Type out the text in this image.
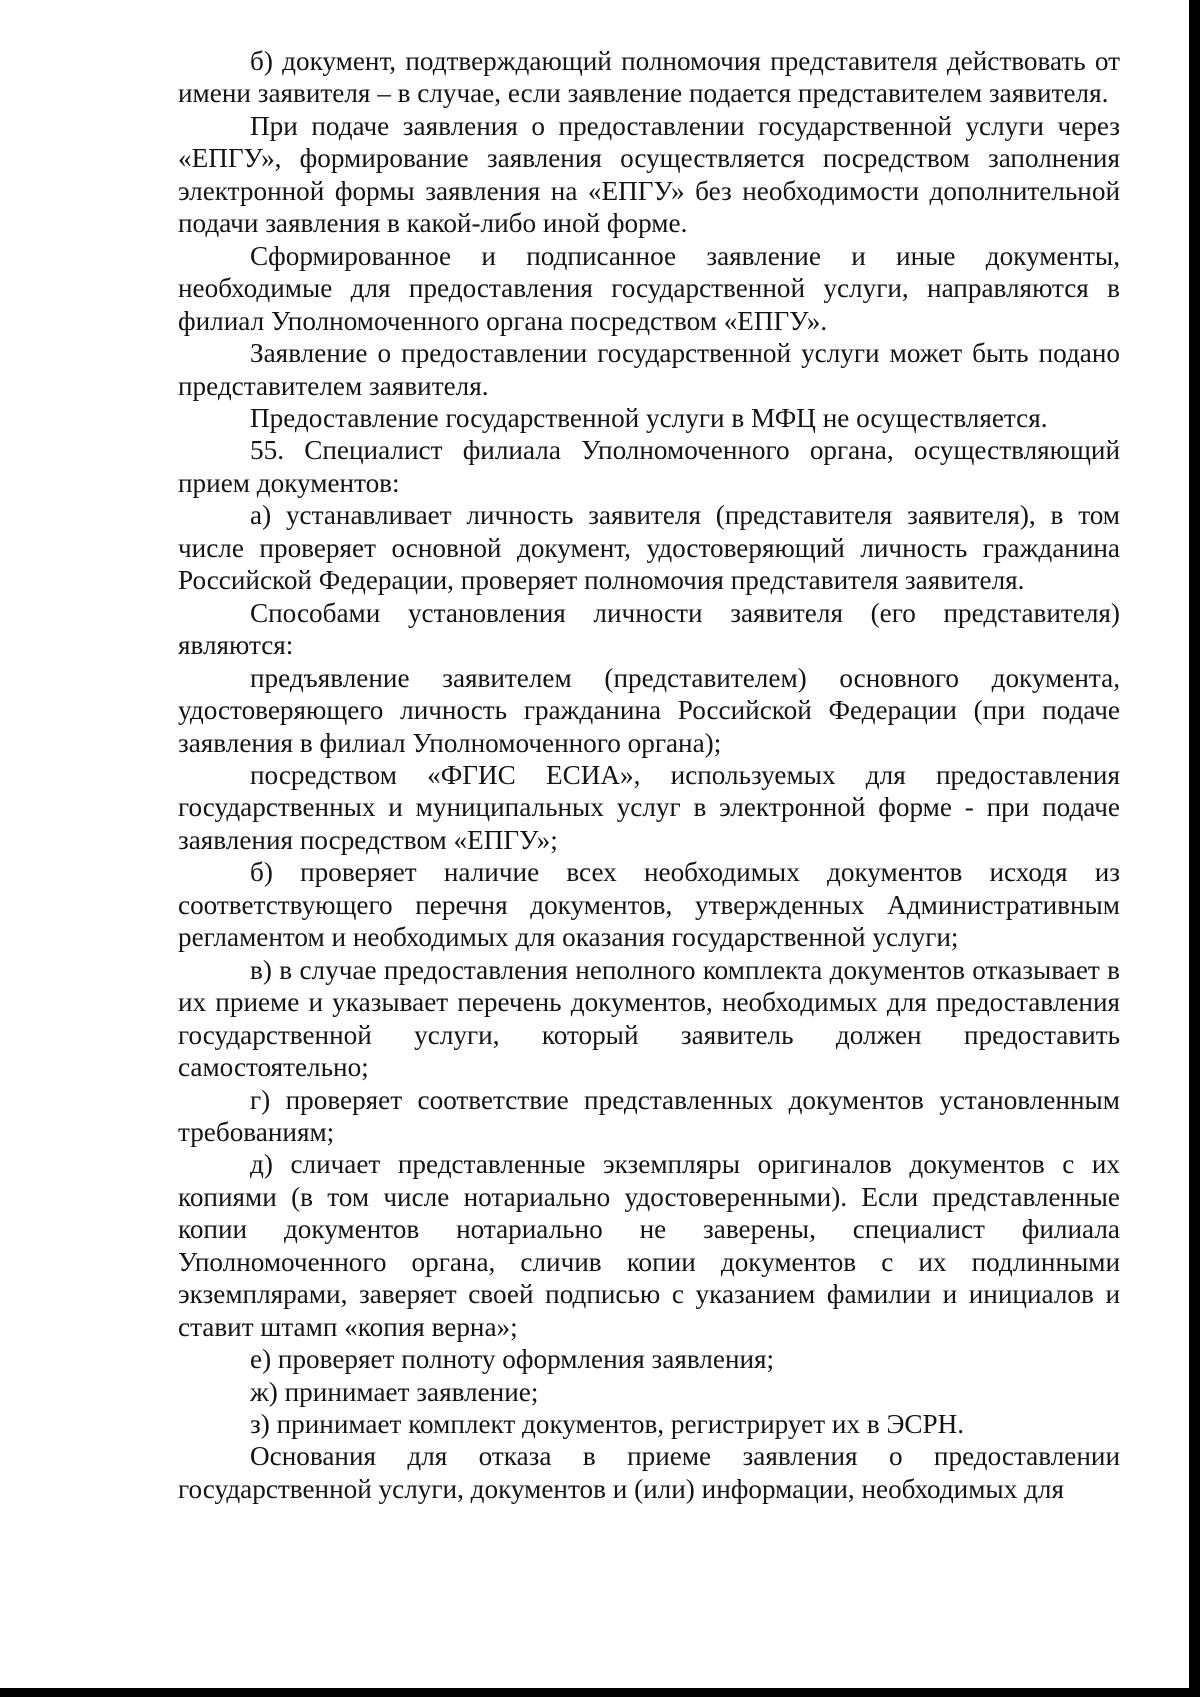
б) документ, подтверждающий полномочия представителя действовать от имени заявителя – в случае, если заявление подается представителем заявителя.

При подаче заявления о предоставлении государственной услуги через «ЕПГУ», формирование заявления осуществляется посредством заполнения электронной формы заявления на «ЕПГУ» без необходимости дополнительной подачи заявления в какой-либо иной форме.

Сформированное и подписанное заявление и иные документы, необходимые для предоставления государственной услуги, направляются в филиал Уполномоченного органа посредством «ЕПГУ».

Заявление о предоставлении государственной услуги может быть подано представителем заявителя.

Предоставление государственной услуги в МФЦ не осуществляется.

55. Специалист филиала Уполномоченного органа, осуществляющий прием документов:

а) устанавливает личность заявителя (представителя заявителя), в том числе проверяет основной документ, удостоверяющий личность гражданина Российской Федерации, проверяет полномочия представителя заявителя.

Способами установления личности заявителя (его представителя) являются:

предъявление заявителем (представителем) основного документа, удостоверяющего личность гражданина Российской Федерации (при подаче заявления в филиал Уполномоченного органа);

посредством «ФГИС ЕСИА», используемых для предоставления государственных и муниципальных услуг в электронной форме - при подаче заявления посредством «ЕПГУ»;

б) проверяет наличие всех необходимых документов исходя из соответствующего перечня документов, утвержденных Административным регламентом и необходимых для оказания государственной услуги;

в) в случае предоставления неполного комплекта документов отказывает в их приеме и указывает перечень документов, необходимых для предоставления государственной услуги, который заявитель должен предоставить самостоятельно;

г) проверяет соответствие представленных документов установленным требованиям;

д) сличает представленные экземпляры оригиналов документов с их копиями (в том числе нотариально удостоверенными). Если представленные копии документов нотариально не заверены, специалист филиала Уполномоченного органа, сличив копии документов с их подлинными экземплярами, заверяет своей подписью с указанием фамилии и инициалов и ставит штамп «копия верна»;

е) проверяет полноту оформления заявления;

ж) принимает заявление;

з) принимает комплект документов, регистрирует их в ЭСРН.

Основания для отказа в приеме заявления о предоставлении государственной услуги, документов и (или) информации, необходимых для
